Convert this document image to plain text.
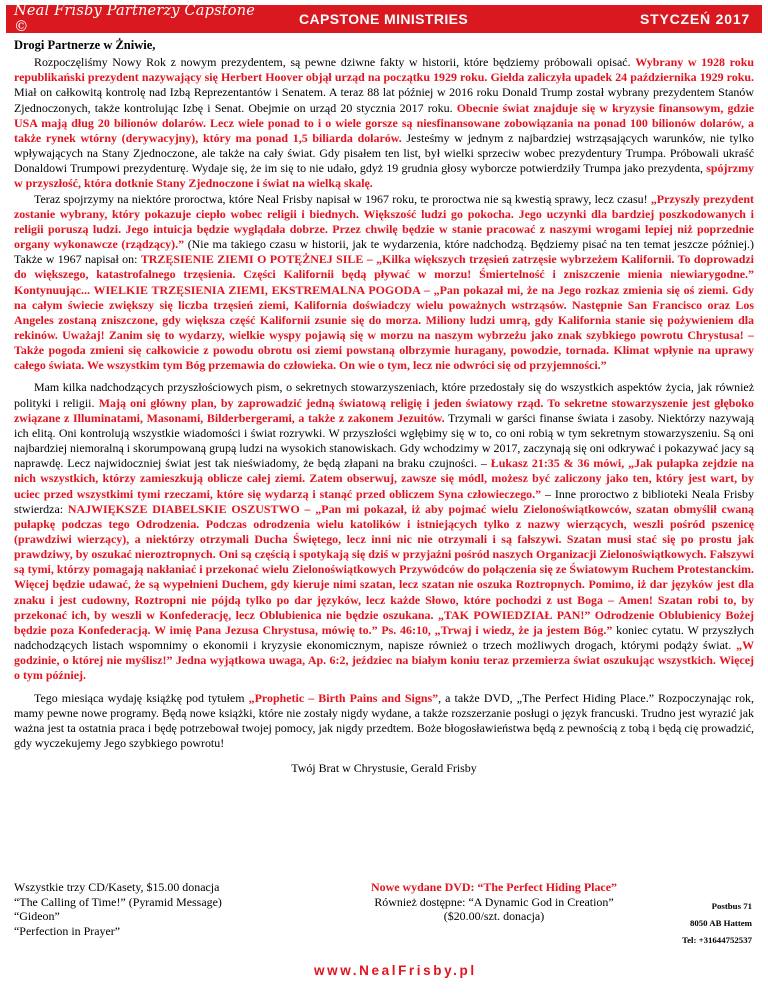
Neal Frisby Partnerzy Capstone ©	CAPSTONE MINISTRIES	STYCZEŃ 2017
Drogi Partnerze w Żniwie,

Rozpoczęliśmy Nowy Rok z nowym prezydentem, są pewne dziwne fakty w historii, które będziemy próbowali opisać. Wybrany w 1928 roku republikański prezydent nazywający się Herbert Hoover objął urząd na początku 1929 roku. Giełda zaliczyła upadek 24 października 1929 roku. Miał on całkowitą kontrolę nad Izbą Reprezentantów i Senatem. A teraz 88 lat później w 2016 roku Donald Trump został wybrany prezydentem Stanów Zjednoczonych, także kontrolując Izbę i Senat. Obejmie on urząd 20 stycznia 2017 roku. Obecnie świat znajduje się w kryzysie finansowym, gdzie USA mają dług 20 bilionów dolarów. Lecz wiele ponad to i o wiele gorsze są niesfinansowane zobowiązania na ponad 100 bilionów dolarów, a także rynek wtórny (derywacyjny), który ma ponad 1,5 biliarda dolarów. Jesteśmy w jednym z najbardziej wstrząsających warunków, nie tylko wpływających na Stany Zjednoczone, ale także na cały świat. Gdy pisałem ten list, był wielki sprzeciw wobec prezydentury Trumpa. Próbowali ukraść Donaldowi Trumpowi prezydenturę. Wydaje się, że im się to nie udało, gdyż 19 grudnia głosy wyborcze potwierdziły Trumpa jako prezydenta, spójrzmy w przyszłość, która dotknie Stany Zjednoczone i świat na wielką skalę.

Teraz spojrzymy na niektóre proroctwa, które Neal Frisby napisał w 1967 roku, te proroctwa nie są kwestią sprawy, lecz czasu! „Przyszły prezydent zostanie wybrany, który pokazuje ciepło wobec religii i biednych. Większość ludzi go pokocha. Jego uczynki dla bardziej poszkodowanych i religii poruszą ludzi. Jego intuicja będzie wyglądała dobrze. Przez chwilę będzie w stanie pracować z naszymi wrogami lepiej niż poprzednie organy wykonawcze (rządzący).” (Nie ma takiego czasu w historii, jak te wydarzenia, które nadchodzą. Będziemy pisać na ten temat jeszcze później.) Także w 1967 napisał on: TRZĘSIENIE ZIEMI O POTĘŻNEJ SILE – „Kilka większych trzęsień zatrzęsie wybrzeżem Kalifornii. To doprowadzi do większego, katastrofalnego trzęsienia. Części Kalifornii będą pływać w morzu! Śmiertelność i zniszczenie mienia niewiarygodne.” Kontynuując... WIELKIE TRZĘSIENIA ZIEMI, EKSTREMALNA POGODA – „Pan pokazał mi, że na Jego rozkaz zmienia się oś ziemi. Gdy na całym świecie zwiększy się liczba trzęsień ziemi, Kalifornia doświadczy wielu poważnych wstrząsów. Następnie San Francisco oraz Los Angeles zostaną zniszczone, gdy większa część Kalifornii zsunie się do morza. Miliony ludzi umrą, gdy Kalifornia stanie się pożywieniem dla rekinów. Uważaj! Zanim się to wydarzy, wielkie wyspy pojawią się w morzu na naszym wybrzeżu jako znak szybkiego powrotu Chrystusa! – Także pogoda zmieni się całkowicie z powodu obrotu osi ziemi powstaną olbrzymie huragany, powodzie, tornada. Klimat wpłynie na uprawy całego świata. We wszystkim tym Bóg przemawia do człowieka. On wie o tym, lecz nie odwróci się od przyjemności.”

Mam kilka nadchodzących przyszłościowych pism, o sekretnych stowarzyszeniach, które przedostały się do wszystkich aspektów życia, jak również polityki i religii. Mają oni główny plan, by zaprowadzić jedną światową religię i jeden światowy rząd. To sekretne stowarzyszenie jest głęboko związane z Illuminatami, Masonami, Bilderbergerami, a także z zakonem Jezuitów. Trzymali w garści finanse świata i zasoby. Niektórzy nazywają ich elitą. Oni kontrolują wszystkie wiadomości i świat rozrywki. W przyszłości wgłębimy się w to, co oni robią w tym sekretnym stowarzyszeniu. Są oni najbardziej niemoralną i skorumpowaną grupą ludzi na wysokich stanowiskach. Gdy wchodzimy w 2017, zaczynają się oni odkrywać i pokazywać jacy są naprawdę. Lecz najwidoczniej świat jest tak nieświadomy, że będą złapani na braku czujności. – Łukasz 21:35 & 36 mówi, „Jak pułapka zejdzie na nich wszystkich, którzy zamieszkują oblicze całej ziemi. Zatem obserwuj, zawsze się módl, możesz być zaliczony jako ten, który jest wart, by uciec przed wszystkimi tymi rzeczami, które się wydarzą i stanąć przed obliczem Syna człowieczego.” – Inne proroctwo z biblioteki Neala Frisby stwierdza: NAJWIĘKSZE DIABELSKIE OSZUSTWO – „Pan mi pokazał, iż aby pojmać wielu Zielonoświątkowców, szatan obmyślił cwaną pułapkę podczas tego Odrodzenia. Podczas odrodzenia wielu katolików i istniejących tylko z nazwy wierzących, weszli pośród pszenicę (prawdziwi wierzący), a niektórzy otrzymali Ducha Świętego, lecz inni nic nie otrzymali i są fałszywi. Szatan musi stać się po prostu jak prawdziwy, by oszukać nieroztropnych. Oni są częścią i spotykają się dziś w przyjaźni pośród naszych Organizacji Zielonoświątkowych. Fałszywi są tymi, którzy pomagają nakłaniać i przekonać wielu Zielonoświątkowych Przywódców do połączenia się ze Światowym Ruchem Protestanckim. Więcej będzie udawać, że są wypełnieni Duchem, gdy kieruje nimi szatan, lecz szatan nie oszuka Roztropnych. Pomimo, iż dar języków jest dla znaku i jest cudowny, Roztropni nie pójdą tylko po dar języków, lecz każde Słowo, które pochodzi z ust Boga – Amen! Szatan robi to, by przekonać ich, by weszli w Konfederację, lecz Oblubienica nie będzie oszukana. „TAK POWIEDZIAŁ PAN!” Odrodzenie Oblubienicy Bożej będzie poza Konfederacją. W imię Pana Jezusa Chrystusa, mówię to.” Ps. 46:10, „Trwaj i wiedz, że ja jestem Bóg.” koniec cytatu. W przyszłych nadchodzących listach wspomnimy o ekonomii i kryzysie ekonomicznym, napisze również o trzech możliwych drogach, którymi podąży świat. „W godzinie, o której nie myślisz!” Jedna wyjątkowa uwaga, Ap. 6:2, jeździec na białym koniu teraz przemierza świat oszukując wszystkich. Więcej o tym później.

Tego miesiąca wydaję książkę pod tytułem „Prophetic – Birth Pains and Signs”, a także DVD, „The Perfect Hiding Place.” Rozpoczynając rok, mamy pewne nowe programy. Będą nowe książki, które nie zostały nigdy wydane, a także rozszerzanie posługi o język francuski. Trudno jest wyrazić jak ważna jest ta ostatnia praca i będę potrzebował twojej pomocy, jak nigdy przedtem. Boże błogosławieństwa będą z pewnością z tobą i będą cię prowadzić, gdy wyczekujemy Jego szybkiego powrotu!

Twój Brat w Chrystusie, Gerald Frisby
Wszystkie trzy CD/Kasety, $15.00 donacja
“The Calling of Time!” (Pyramid Message)
“Gideon”
“Perfection in Prayer”
Nowe wydane DVD: “The Perfect Hiding Place”
Również dostępne: “A Dynamic God in Creation”
($20.00/szt. donacja)
Postbus 71
8050 AB Hattem
Tel: +31644752537
www.NealFrisby.pl
